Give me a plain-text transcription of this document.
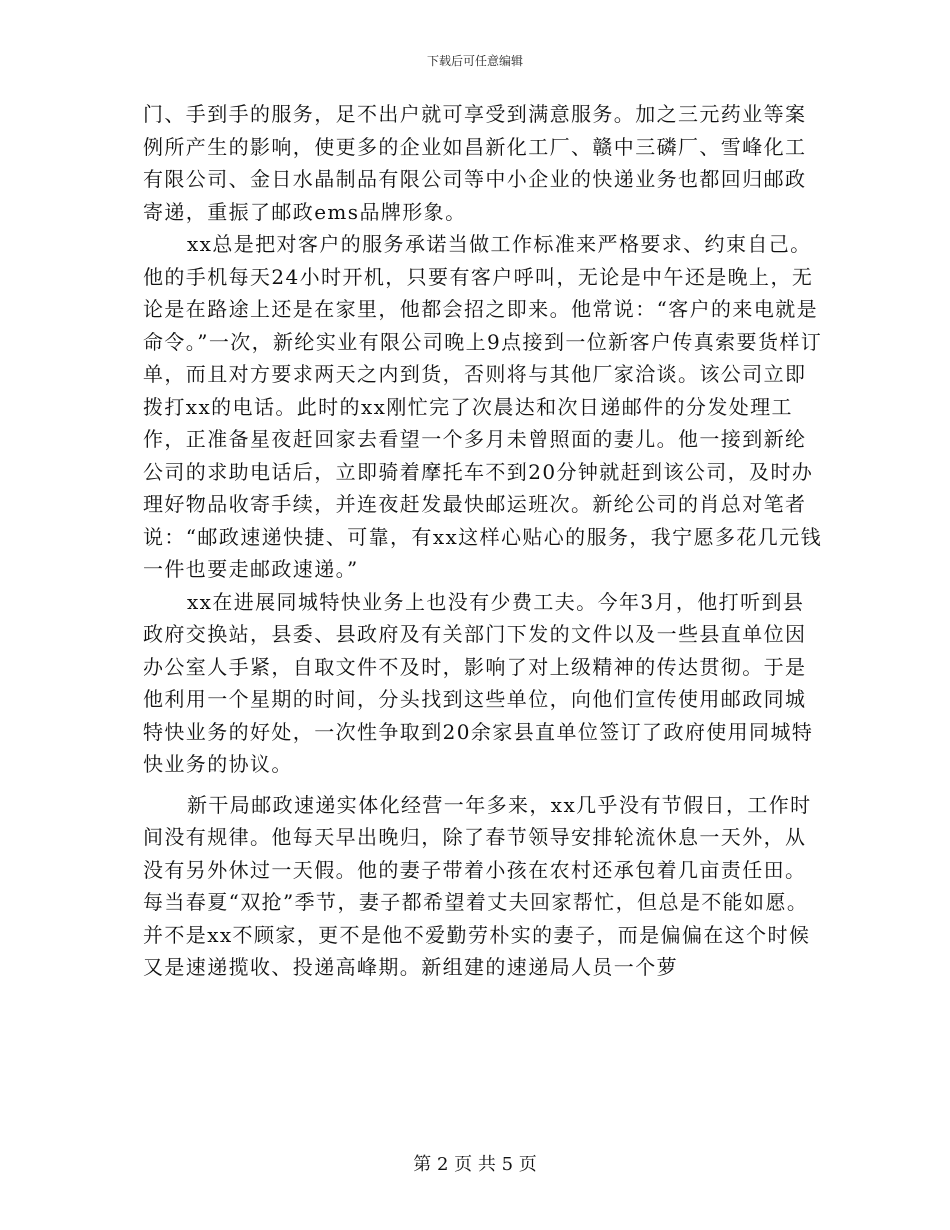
下载后可任意编辑

门、手到手的服务，足不出户就可享受到满意服务。加之三元药业等案例所产生的影响，使更多的企业如昌新化工厂、赣中三磷厂、雪峰化工有限公司、金日水晶制品有限公司等中小企业的快递业务也都回归邮政寄递，重振了邮政ems品牌形象。

xx总是把对客户的服务承诺当做工作标准来严格要求、约束自己。他的手机每天24小时开机，只要有客户呼叫，无论是中午还是晚上，无论是在路途上还是在家里，他都会招之即来。他常说：“客户的来电就是命令。”一次，新纶实业有限公司晚上9点接到一位新客户传真索要货样订单，而且对方要求两天之内到货，否则将与其他厂家洽谈。该公司立即拨打xx的电话。此时的xx刚忙完了次晨达和次日递邮件的分发处理工作，正准备星夜赶回家去看望一个多月未曾照面的妻儿。他一接到新纶公司的求助电话后，立即骑着摩托车不到20分钟就赶到该公司，及时办理好物品收寄手续，并连夜赶发最快邮运班次。新纶公司的肖总对笔者说：“邮政速递快捷、可靠，有xx这样心贴心的服务，我宁愿多花几元钱一件也要走邮政速递。”

xx在进展同城特快业务上也没有少费工夫。今年3月，他打听到县政府交换站，县委、县政府及有关部门下发的文件以及一些县直单位因办公室人手紧，自取文件不及时，影响了对上级精神的传达贯彻。于是他利用一个星期的时间，分头找到这些单位，向他们宣传使用邮政同城特快业务的好处，一次性争取到20余家县直单位签订了政府使用同城特快业务的协议。

新干局邮政速递实体化经营一年多来，xx几乎没有节假日，工作时间没有规律。他每天早出晚归，除了春节领导安排轮流休息一天外，从没有另外休过一天假。他的妻子带着小孩在农村还承包着几亩责任田。每当春夏“双抢”季节，妻子都希望着丈夫回家帮忙，但总是不能如愿。并不是xx不顾家，更不是他不爱勤劳朴实的妻子，而是偏偏在这个时候又是速递揽收、投递高峰期。新组建的速递局人员一个萝

第 2 页 共 5 页
